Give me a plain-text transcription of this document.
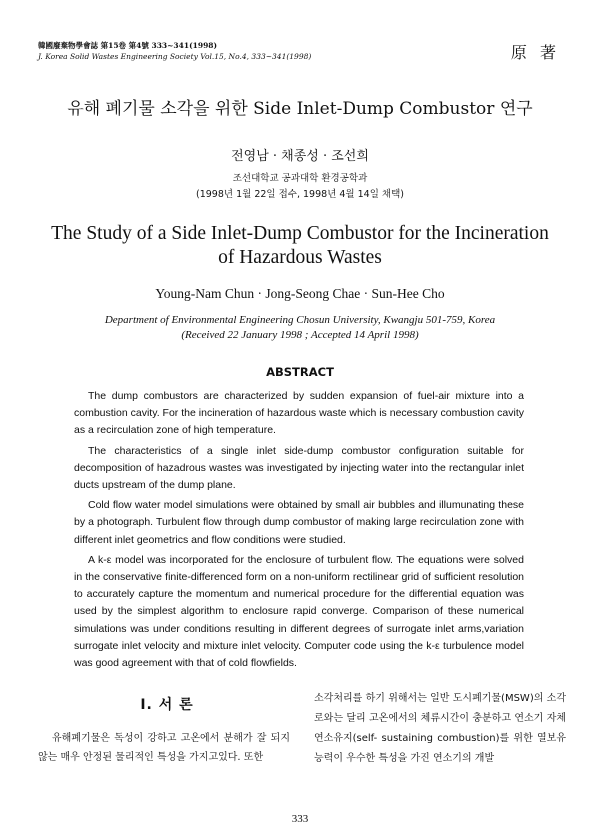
韓國廢棄物學會誌 第15卷 第4號 333~341(1998)
J. Korea Solid Wastes Engineering Society Vol.15, No.4, 333~341(1998)	原 著
유해 폐기물 소각을 위한 Side Inlet-Dump Combustor 연구
전영남 · 채종성 · 조선희
조선대학교 공과대학 환경공학과
(1998년 1월 22일 접수, 1998년 4월 14일 채택)
The Study of a Side Inlet-Dump Combustor for the Incineration
of Hazardous Wastes
Young-Nam Chun · Jong-Seong Chae · Sun-Hee Cho
Department of Environmental Engineering Chosun University, Kwangju 501-759, Korea
(Received 22 January 1998 ; Accepted 14 April 1998)
ABSTRACT

The dump combustors are characterized by sudden expansion of fuel-air mixture into a combustion cavity. For the incineration of hazardous waste which is necessary combustion cavity as a recirculation zone of high temperature.

The characteristics of a single inlet side-dump combustor configuration suitable for decomposition of hazadrous wastes was investigated by injecting water into the rectangular inlet ducts upstream of the dump plane.

Cold flow water model simulations were obtained by small air bubbles and illumunating these by a photograph. Turbulent flow through dump combustor of making large recirculation zone with different inlet geometrics and flow conditions were studied.

A k-ε model was incorporated for the enclosure of turbulent flow. The equations were solved in the conservative finite-differenced form on a non-uniform rectilinear grid of sufficient resolution to accurately capture the momentum and numerical procedure for the differential equation was used by the simplest algorithm to enclosure rapid converge. Comparison of these numerical simulations was under conditions resulting in different degrees of surrogate inlet arms,variation surrogate inlet velocity and mixture inlet velocity. Computer code using the k-ε turbulence model was good agreement with that of cold flowfields.

Ⅰ. 서 론

유해폐기물은 독성이 강하고 고온에서 분해가 잘 되지않는 매우 안정된 물리적인 특성을 가지고있다. 또한

소각처리를 하기 위해서는 일반 도시폐기물(MSW)의 소각로와는 달리 고온에서의 체류시간이 충분하고 연소기 자체 연소유지(self- sustaining combustion)를 위한 열보유 능력이 우수한 특성을 가진 연소기의 개발

333
